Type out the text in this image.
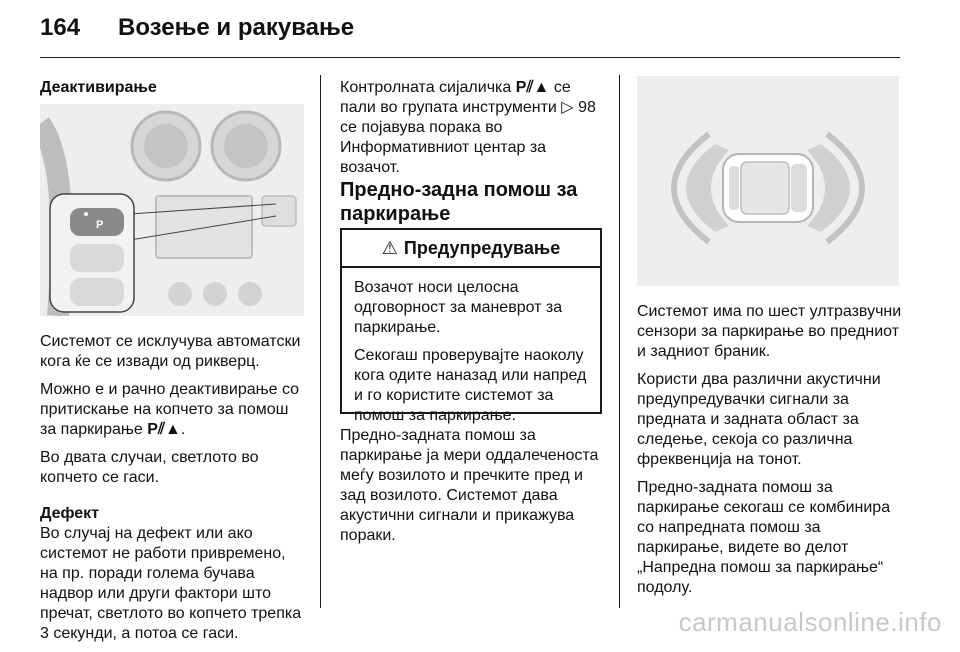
164 Возење и ракување
Деактивирање
P

Системот се исклучува автоматски кога ќе се извади од рикверц.

Можно е и рачно деактивирање со притискање на копчето за помош за паркирање P⫽▲.

Во двата случаи, светлото во копчето се гаси.

Дефект

Во случај на дефект или ако системот не работи привремено, на пр. поради голема бучава надвор или други фактори што пречат, светлото во копчето трепка 3 секунди, а потоа се гаси.

Контролната сијаличка P⫽▲ се пали во групата инструменти ▷ 98 се појавува порака во Информативниот центар за возачот.

Предно-задна помош за паркирање
⚠ Предупредување

Возачот носи целосна одговорност за маневрот за паркирање.

Секогаш проверувајте наоколу кога одите наназад или напред и го користите системот за помош за паркирање.

Предно-задната помош за паркирање ја мери оддалеченоста меѓу возилото и пречките пред и зад возилото. Системот дава акустични сигнали и прикажува пораки.

Системот има по шест ултразвучни сензори за паркирање во предниот и задниот браник.

Користи два различни акустични предупредувачки сигнали за предната и задната област за следење, секоја со различна фреквенција на тонот.

Предно-задната помош за паркирање секогаш се комбинира со напредната помош за паркирање, видете во делот „Напредна помош за паркирање“ подолу.

carmanualsonline.info
